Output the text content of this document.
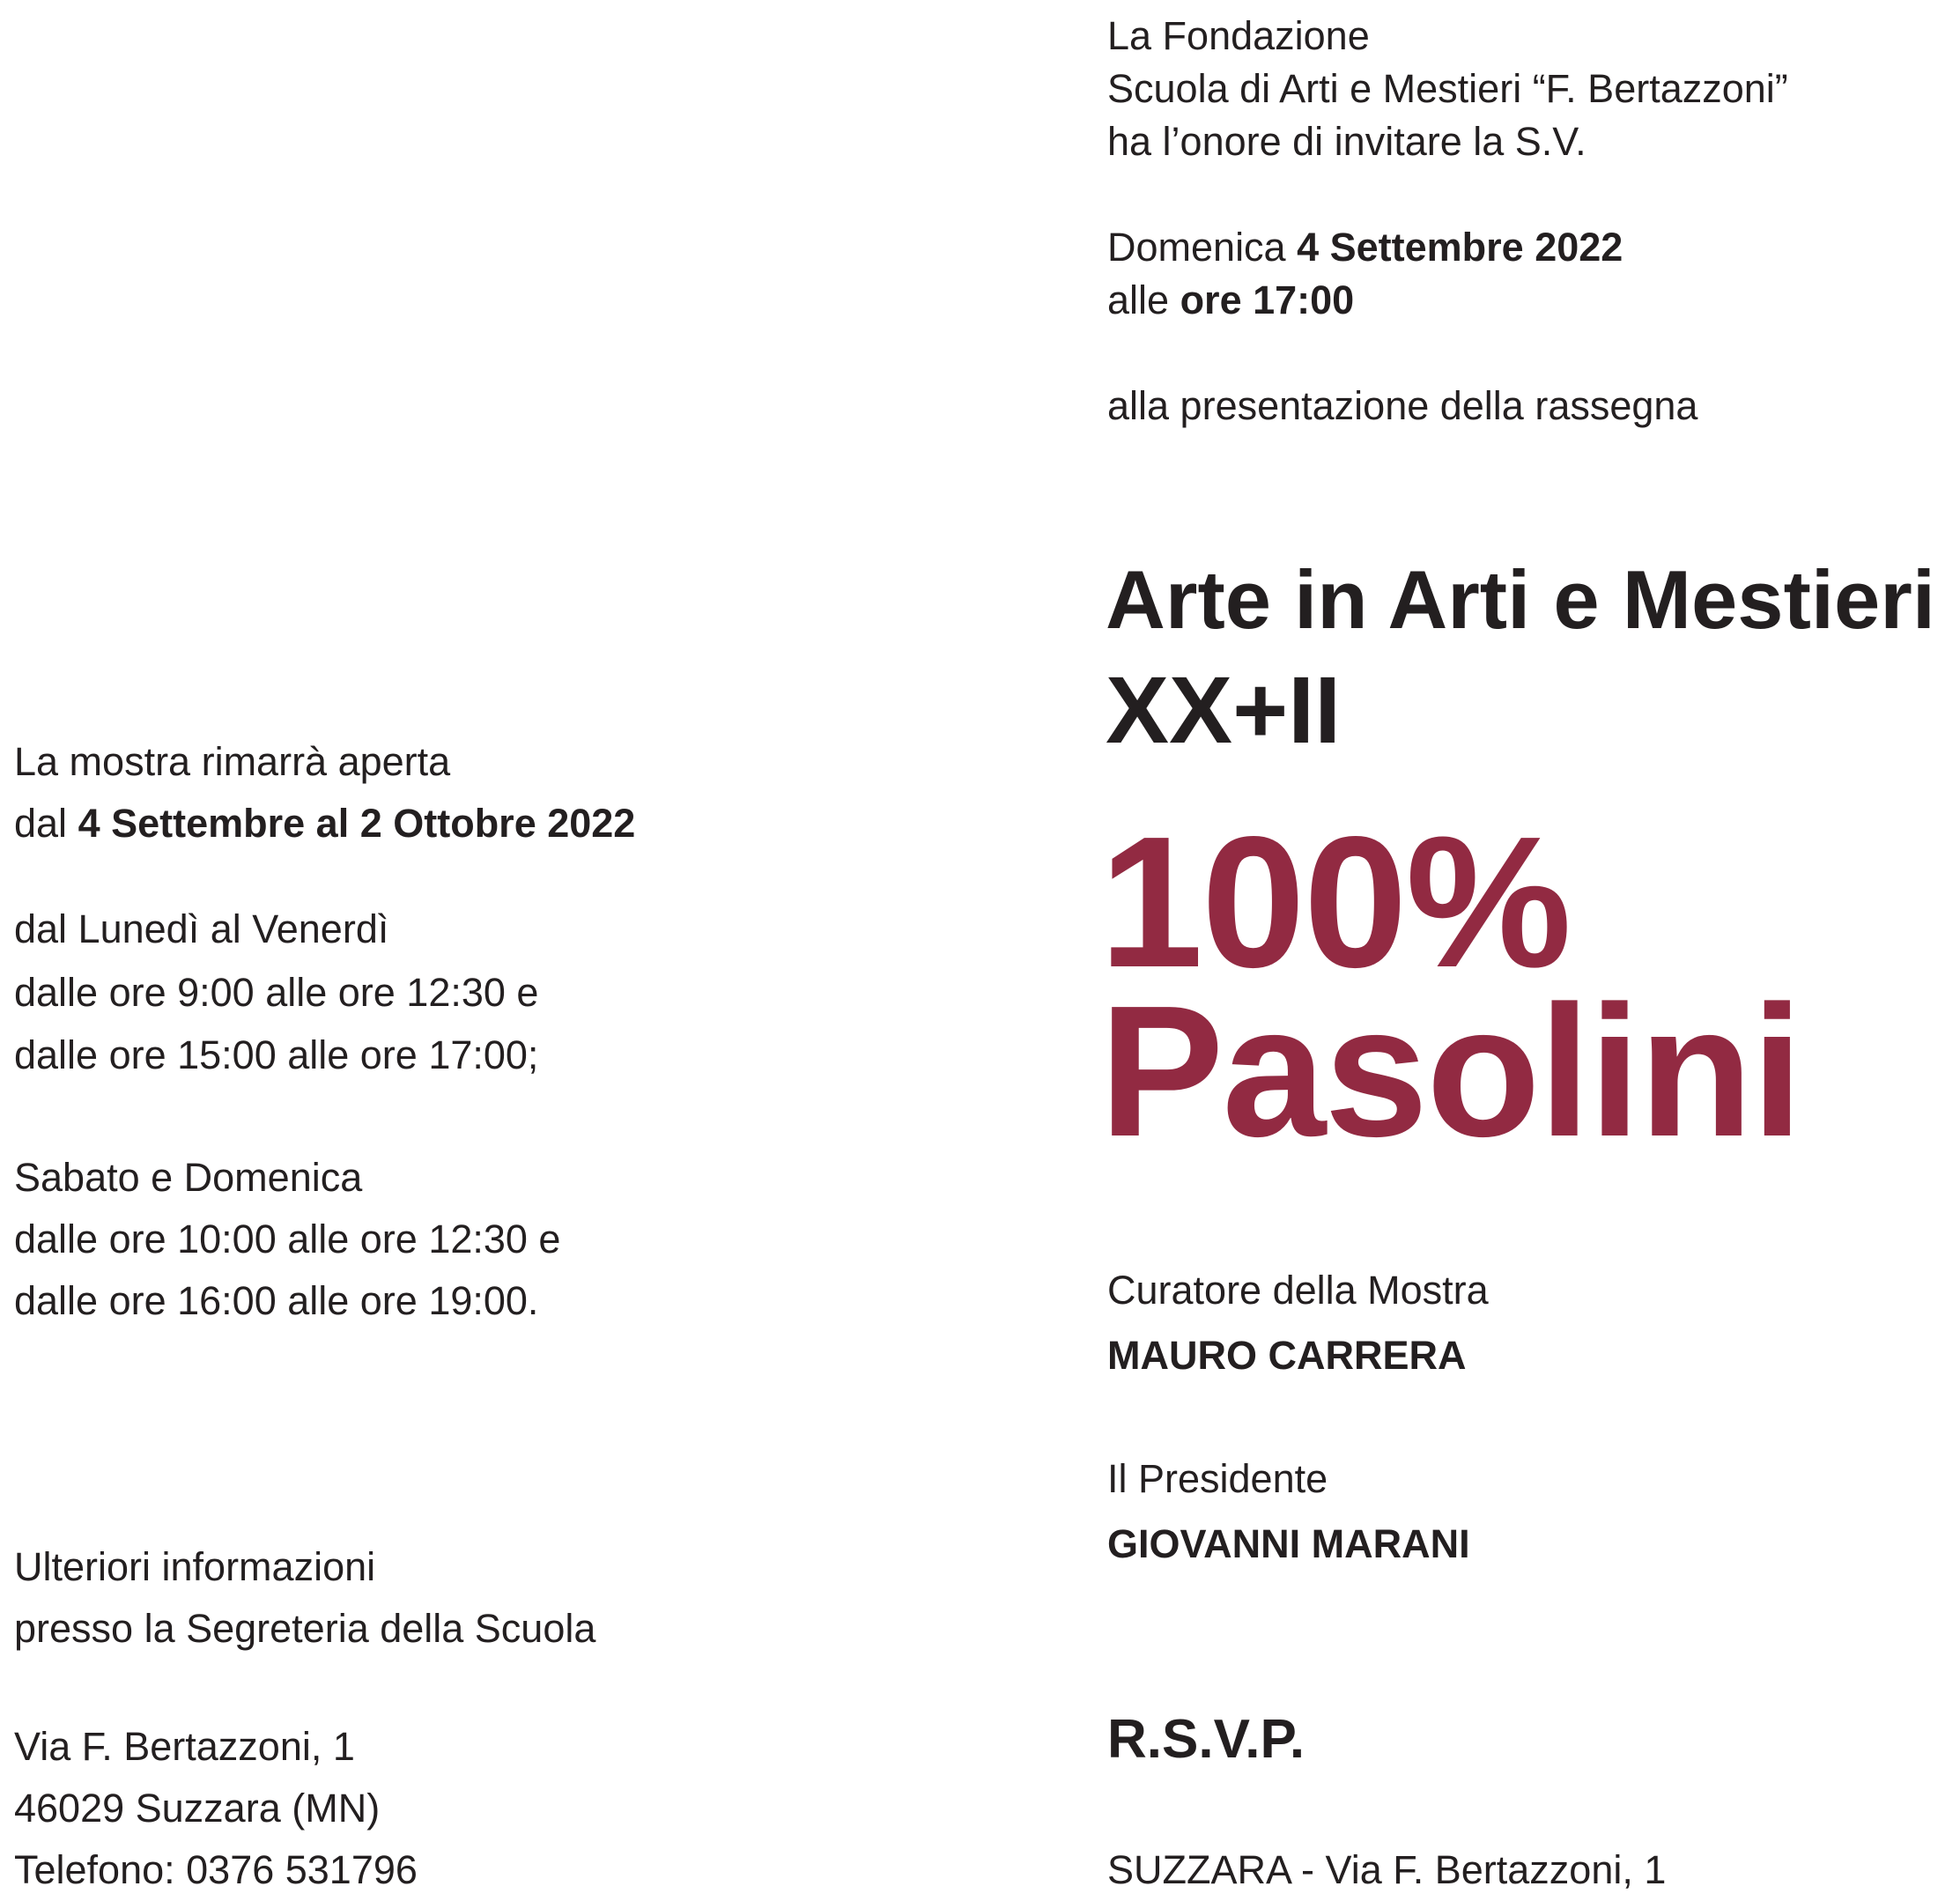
La Fondazione

Scuola di Arti e Mestieri “F. Bertazzoni”

ha l’onore di invitare la S.V.

Domenica 4 Settembre 2022

alle ore 17:00

alla presentazione della rassegna

Arte in Arti e Mestieri
XX+II

100%

Pasolini

Curatore della Mostra

MAURO CARRERA

Il Presidente

GIOVANNI MARANI

R.S.V.P.

SUZZARA - Via F. Bertazzoni, 1

La mostra rimarrà aperta

dal 4 Settembre al 2 Ottobre 2022

dal Lunedì al Venerdì

dalle ore 9:00 alle ore 12:30 e

dalle ore 15:00 alle ore 17:00;

Sabato e Domenica

dalle ore 10:00 alle ore 12:30 e

dalle ore 16:00 alle ore 19:00.

Ulteriori informazioni

presso la Segreteria della Scuola

Via F. Bertazzoni, 1

46029 Suzzara (MN)

Telefono: 0376 531796
